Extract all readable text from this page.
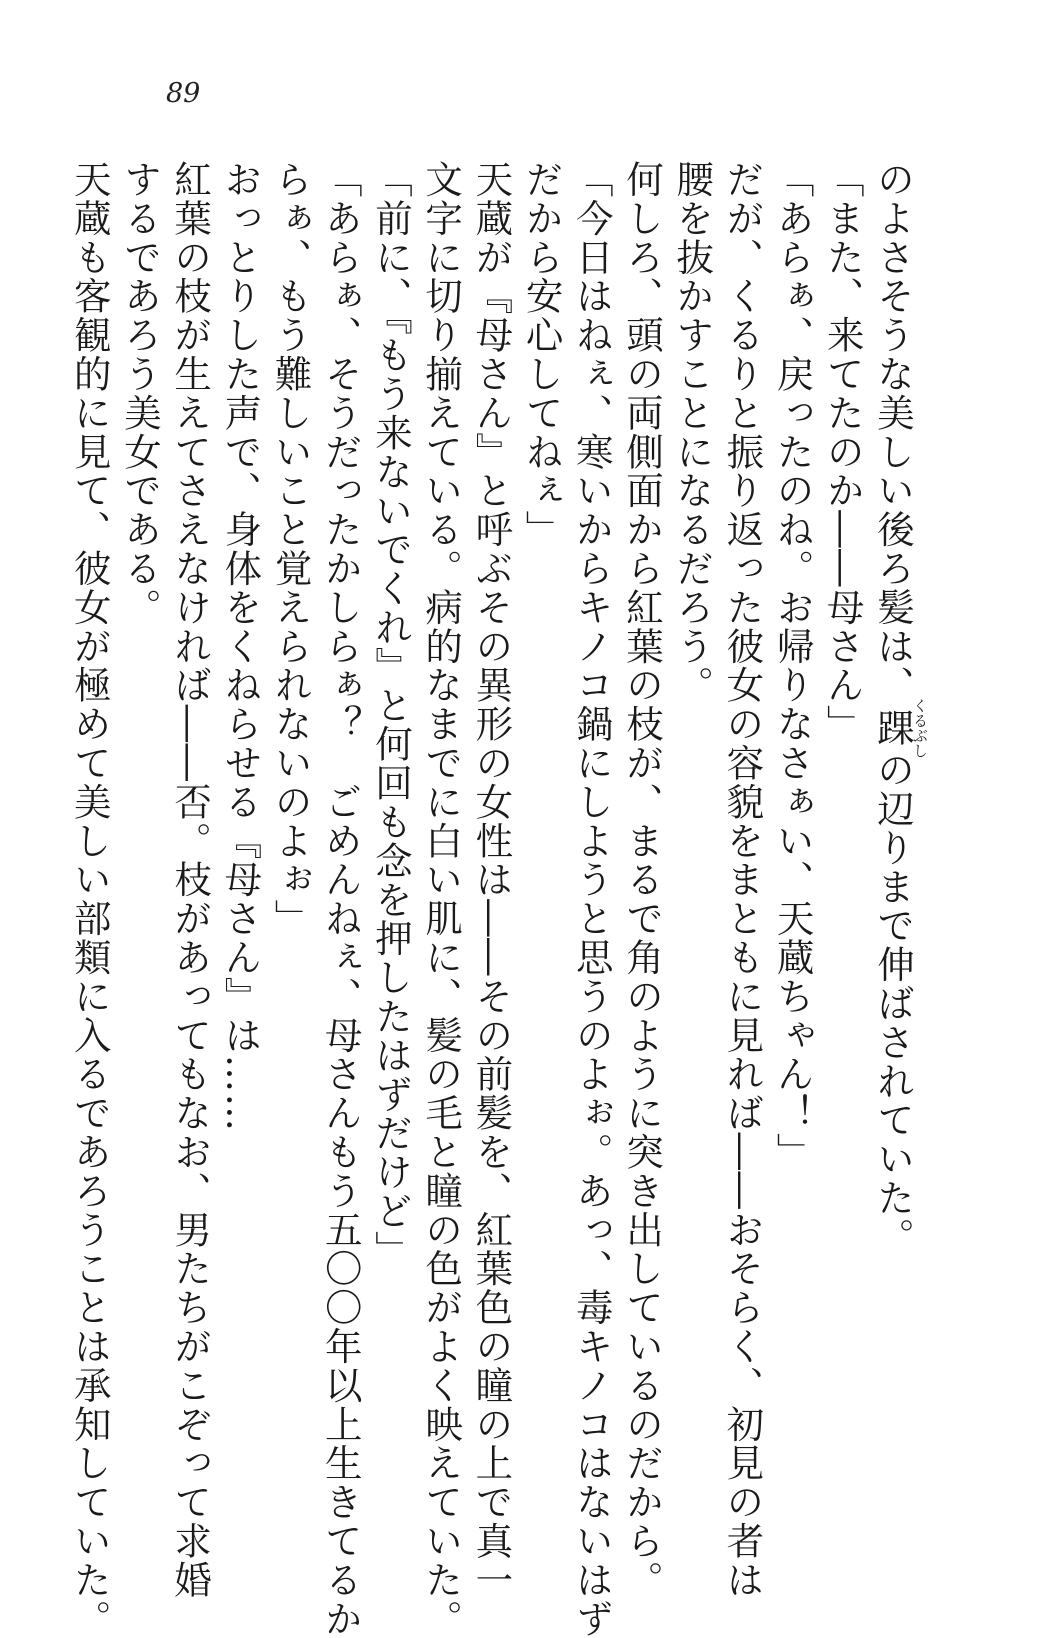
89
のよさそうな美しい後ろ髪は、踝くるぶしの辺りまで伸ばされていた。
「また、来てたのか――母さん」
「あらぁ、戻ったのね。お帰りなさぁい、天蔵ちゃん！」
だが、くるりと振り返った彼女の容貌をまともに見れば――おそらく、初見の者は
腰を抜かすことになるだろう。
何しろ、頭の両側面から紅葉の枝が、まるで角のように突き出しているのだから。
「今日はねぇ、寒いからキノコ鍋にしようと思うのよぉ。あっ、毒キノコはないはず
だから安心してねぇ」
天蔵が『母さん』と呼ぶその異形の女性は――その前髪を、紅葉色の瞳の上で真一
文字に切り揃えている。病的なまでに白い肌に、髪の毛と瞳の色がよく映えていた。
「前に、『もう来ないでくれ』と何回も念を押したはずだけど」
「あらぁ、そうだったかしらぁ？　ごめんねぇ、母さんもう五〇〇年以上生きてるか
らぁ、もう難しいこと覚えられないのよぉ」
おっとりした声で、身体をくねらせる『母さん』は……
紅葉の枝が生えてさえなければ――否。枝があってもなお、男たちがこぞって求婚
するであろう美女である。
天蔵も客観的に見て、彼女が極めて美しい部類に入るであろうことは承知していた。
